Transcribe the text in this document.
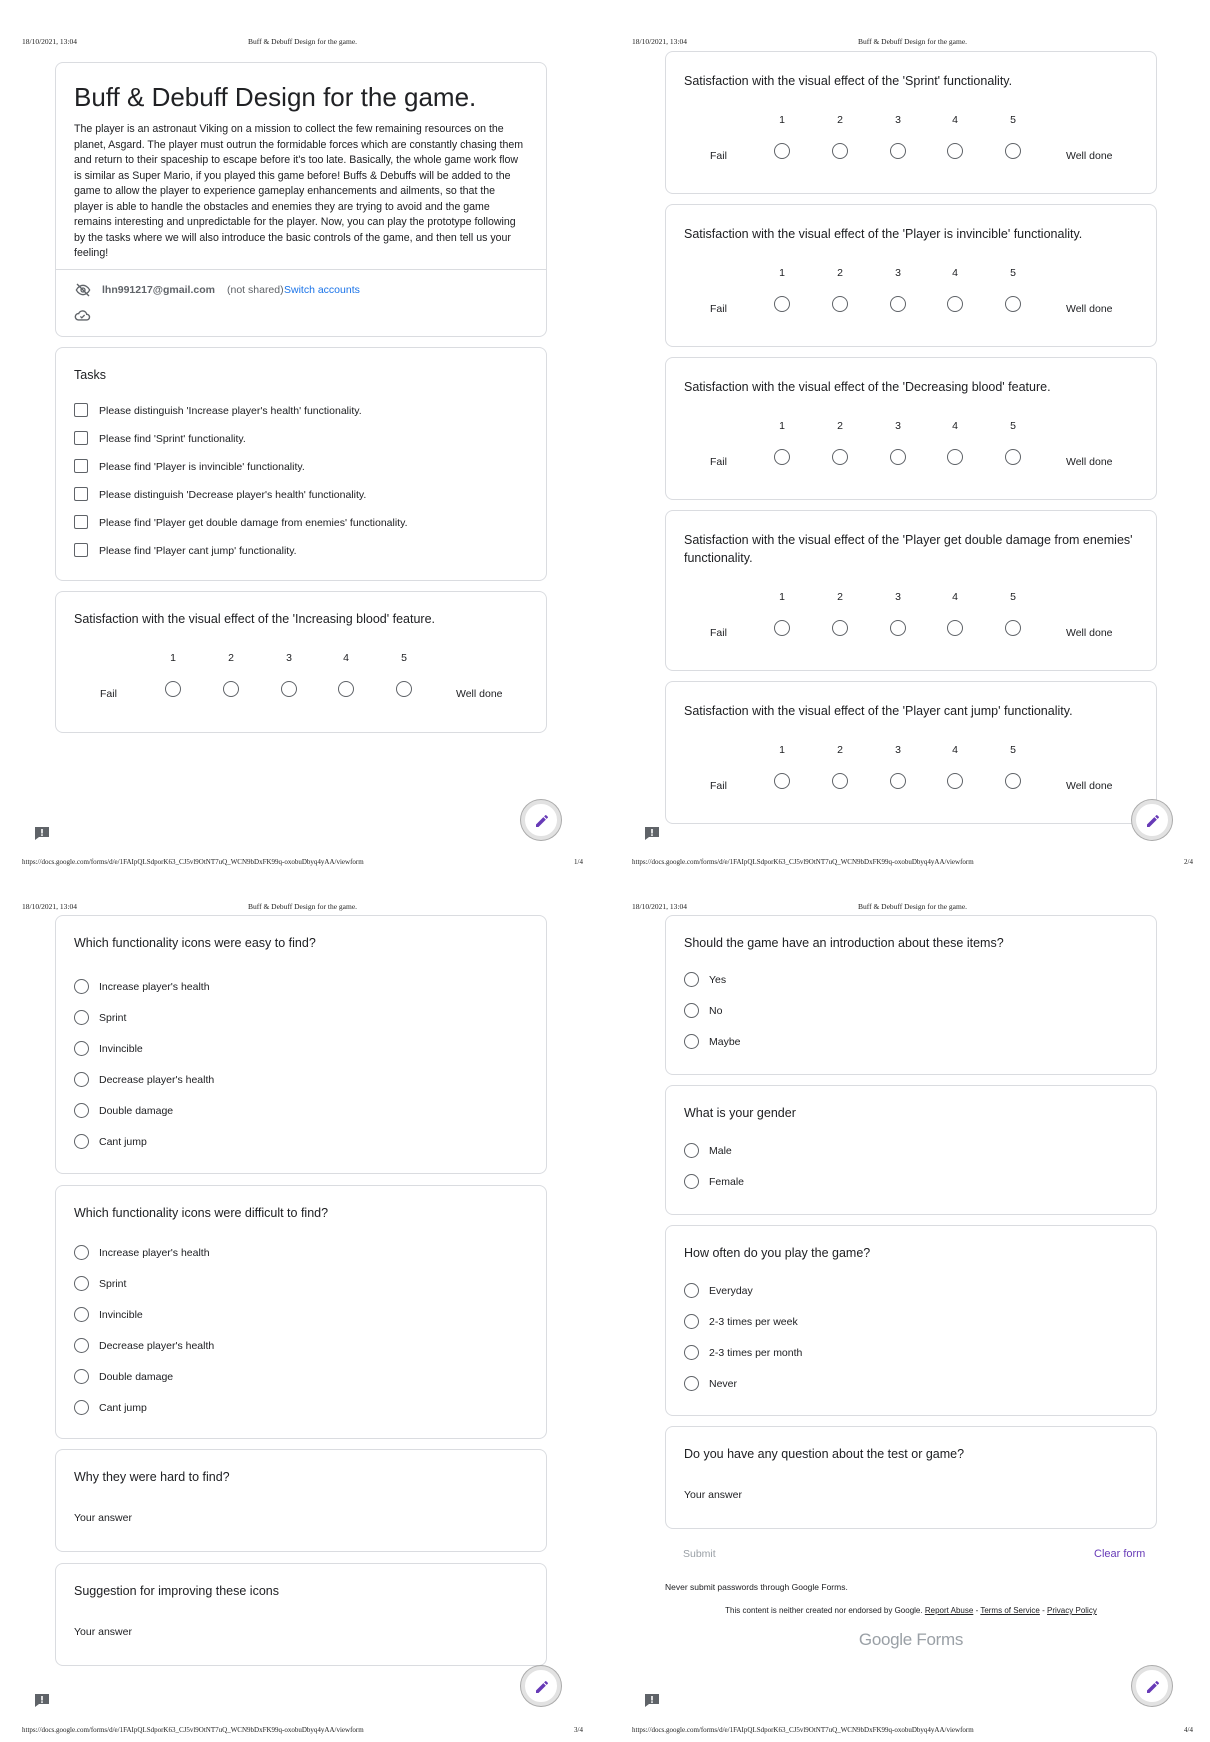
18/10/2021, 13:04	Buff & Debuff Design for the game.
Buff & Debuff Design for the game.
The player is an astronaut Viking on a mission to collect the few remaining resources on the planet, Asgard. The player must outrun the formidable forces which are constantly chasing them and return to their spaceship to escape before it's too late. Basically, the whole game work flow is similar as Super Mario, if you played this game before! Buffs & Debuffs will be added to the game to allow the player to experience gameplay enhancements and ailments, so that the player is able to handle the obstacles and enemies they are trying to avoid and the game remains interesting and unpredictable for the player. Now, you can play the prototype following by the tasks where we will also introduce the basic controls of the game, and then tell us your feeling!
lhn991217@gmail.com (not shared) Switch accounts
Tasks
Please distinguish 'Increase player's health' functionality.
Please find 'Sprint' functionality.
Please find 'Player is invincible' functionality.
Please distinguish 'Decrease player's health' functionality.
Please find 'Player get double damage from enemies' functionality.
Please find 'Player cant jump' functionality.
Satisfaction with the visual effect of the 'Increasing blood' feature.
Fail
1	2	3	4	5
Well done
https://docs.google.com/forms/d/e/1FAIpQLSdporK63_CJ5vl9OtNT7uQ_WCN9bDxFK99q-oxobuDbyq4yAA/viewform	1/4
18/10/2021, 13:04	Buff & Debuff Design for the game.
Satisfaction with the visual effect of the 'Sprint' functionality.
Fail
1	2	3	4	5
Well done
Satisfaction with the visual effect of the 'Player is invincible' functionality.
Fail
1	2	3	4	5
Well done
Satisfaction with the visual effect of the 'Decreasing blood' feature.
Fail
1	2	3	4	5
Well done
Satisfaction with the visual effect of the 'Player get double damage from enemies' functionality.
Fail
1	2	3	4	5
Well done
Satisfaction with the visual effect of the 'Player cant jump' functionality.
Fail
1	2	3	4	5
Well done
https://docs.google.com/forms/d/e/1FAIpQLSdporK63_CJ5vl9OtNT7uQ_WCN9bDxFK99q-oxobuDbyq4yAA/viewform	2/4
18/10/2021, 13:04	Buff & Debuff Design for the game.
Which functionality icons were easy to find?
Increase player's health
Sprint
Invincible
Decrease player's health
Double damage
Cant jump
Which functionality icons were difficult to find?
Increase player's health
Sprint
Invincible
Decrease player's health
Double damage
Cant jump
Why they were hard to find?
Your answer
Suggestion for improving these icons
Your answer
https://docs.google.com/forms/d/e/1FAIpQLSdporK63_CJ5vl9OtNT7uQ_WCN9bDxFK99q-oxobuDbyq4yAA/viewform	3/4
18/10/2021, 13:04	Buff & Debuff Design for the game.
Should the game have an introduction about these items?
Yes
No
Maybe
What is your gender
Male
Female
How often do you play the game?
Everyday
2-3 times per week
2-3 times per month
Never
Do you have any question about the test or game?
Your answer
Submit	Clear form
Never submit passwords through Google Forms.
This content is neither created nor endorsed by Google. Report Abuse - Terms of Service - Privacy Policy
Google Forms
https://docs.google.com/forms/d/e/1FAIpQLSdporK63_CJ5vl9OtNT7uQ_WCN9bDxFK99q-oxobuDbyq4yAA/viewform	4/4
